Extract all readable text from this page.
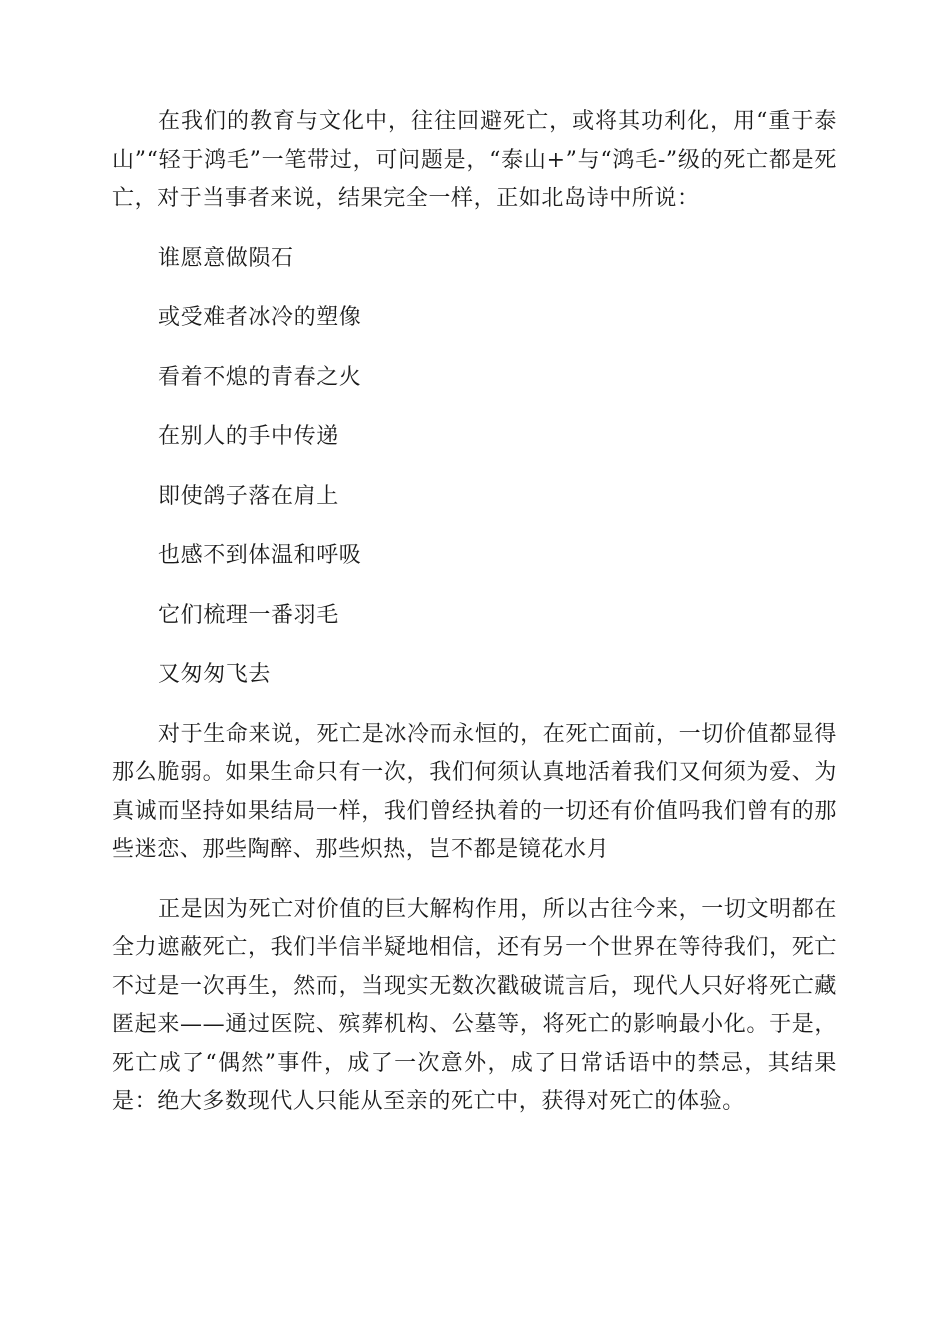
在我们的教育与文化中，往往回避死亡，或将其功利化，用“重于泰山”“轻于鸿毛”一笔带过，可问题是，“泰山+”与“鸿毛-”级的死亡都是死亡，对于当事者来说，结果完全一样，正如北岛诗中所说：

谁愿意做陨石

或受难者冰冷的塑像

看着不熄的青春之火

在别人的手中传递

即使鸽子落在肩上

也感不到体温和呼吸

它们梳理一番羽毛

又匆匆飞去

对于生命来说，死亡是冰冷而永恒的，在死亡面前，一切价值都显得那么脆弱。如果生命只有一次，我们何须认真地活着我们又何须为爱、为真诚而坚持如果结局一样，我们曾经执着的一切还有价值吗我们曾有的那些迷恋、那些陶醉、那些炽热，岂不都是镜花水月

正是因为死亡对价值的巨大解构作用，所以古往今来，一切文明都在全力遮蔽死亡，我们半信半疑地相信，还有另一个世界在等待我们，死亡不过是一次再生，然而，当现实无数次戳破谎言后，现代人只好将死亡藏匿起来——通过医院、殡葬机构、公墓等，将死亡的影响最小化。于是，死亡成了“偶然”事件，成了一次意外，成了日常话语中的禁忌，其结果是：绝大多数现代人只能从至亲的死亡中，获得对死亡的体验。
